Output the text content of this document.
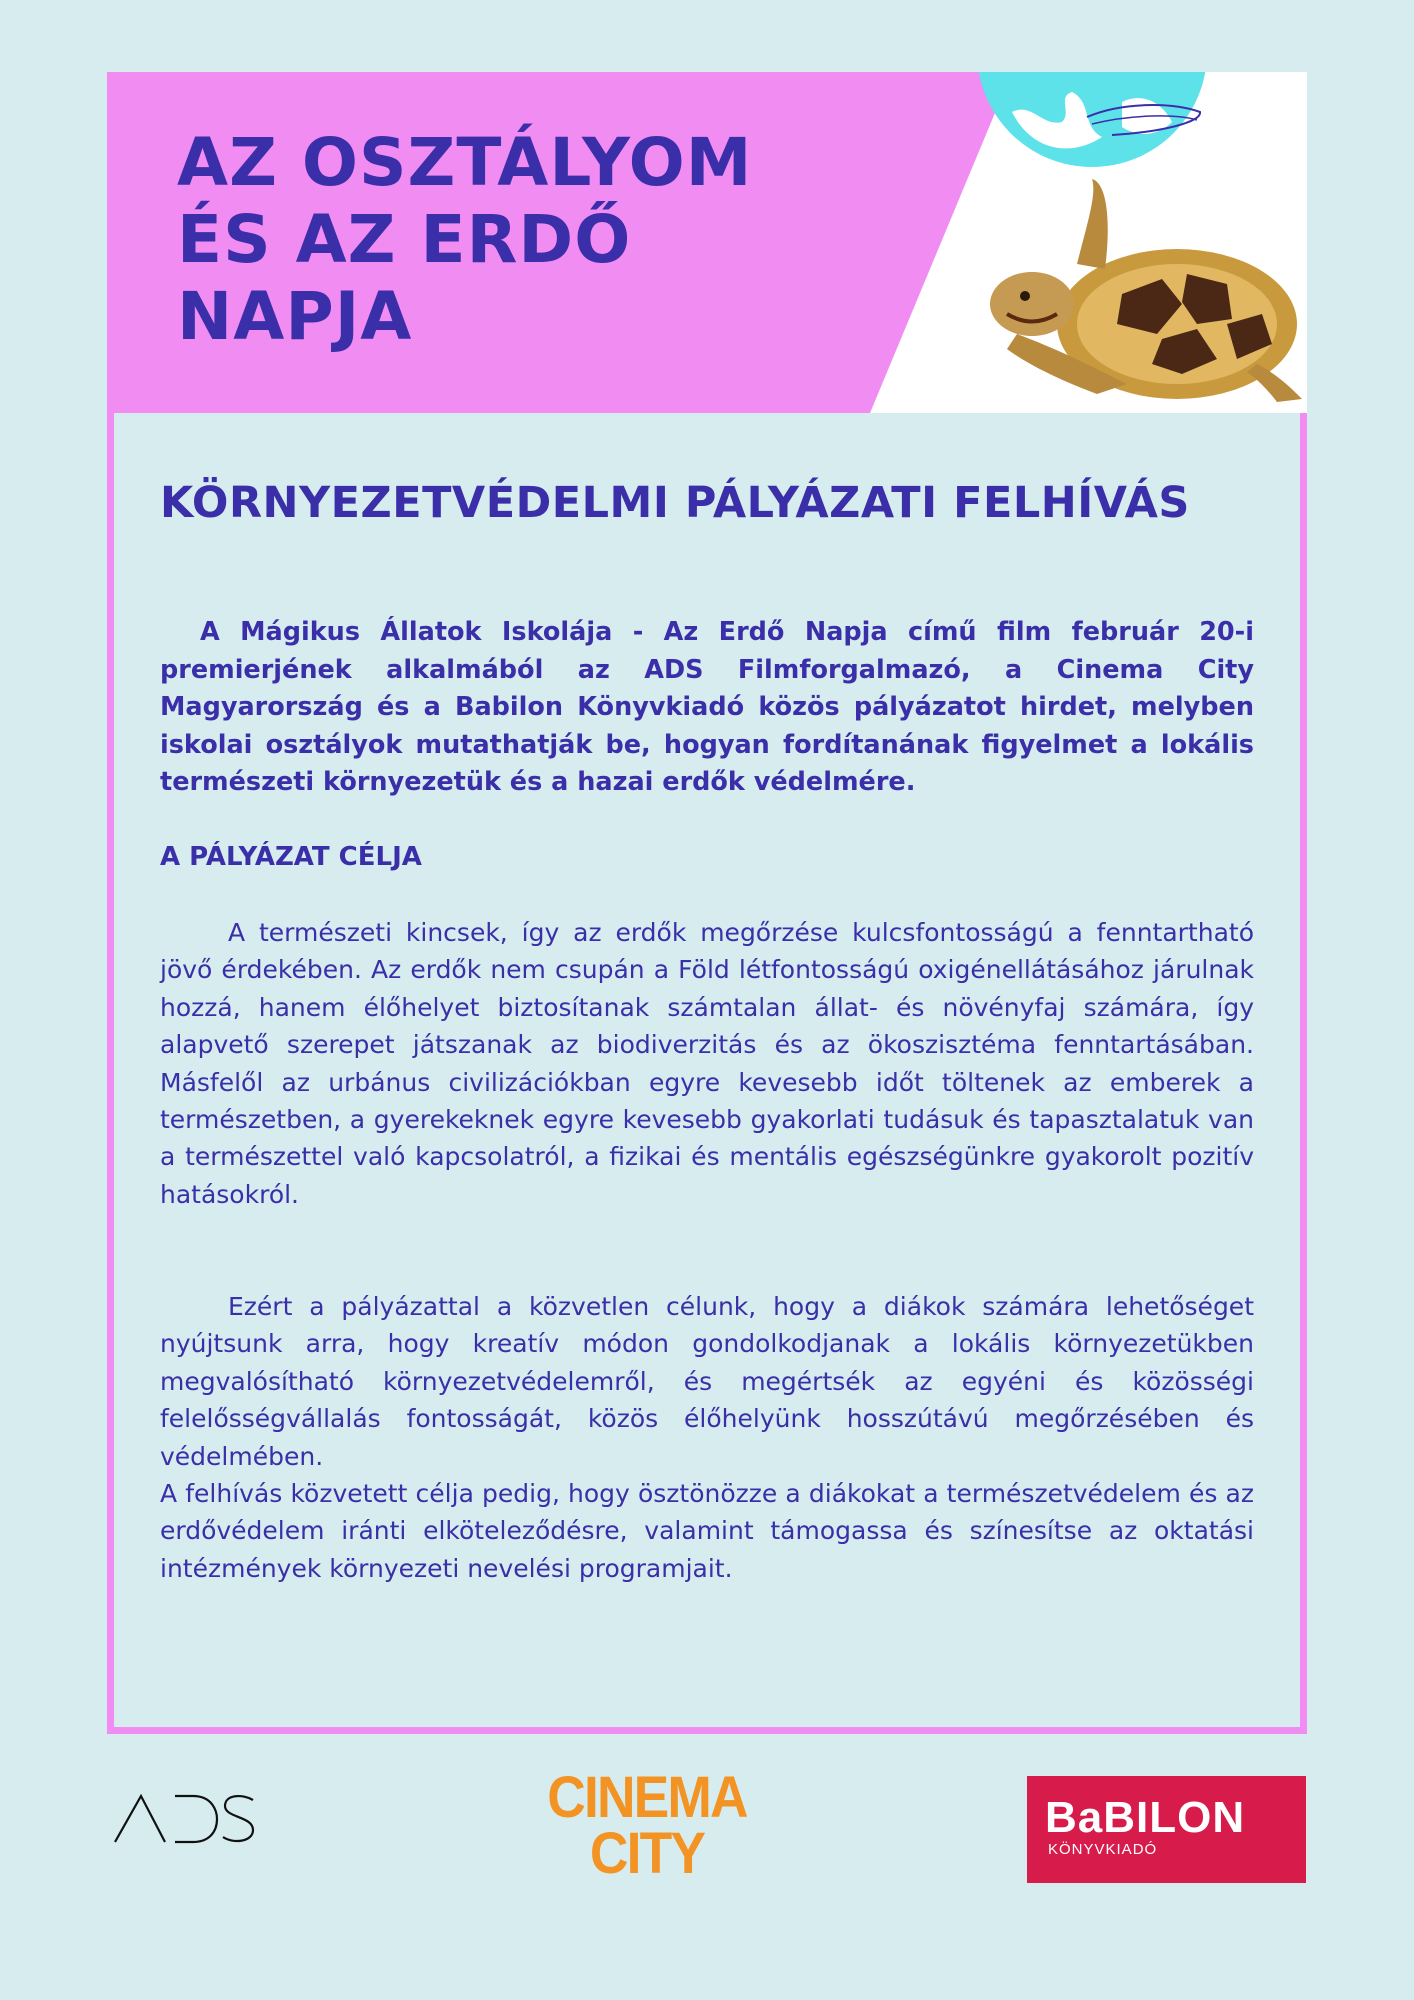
AZ OSZTÁLYOM
ÉS AZ ERDŐ
NAPJA
KÖRNYEZETVÉDELMI PÁLYÁZATI FELHÍVÁS

A Mágikus Állatok Iskolája - Az Erdő Napja című film február 20-i premierjének alkalmából az ADS Filmforgalmazó, a Cinema City Magyarország és a Babilon Könyvkiadó közös pályázatot hirdet, melyben iskolai osztályok mutathatják be, hogyan fordítanának figyelmet a lokális természeti környezetük és a hazai erdők védelmére.

A PÁLYÁZAT CÉLJA

A természeti kincsek, így az erdők megőrzése kulcsfontosságú a fenntartható jövő érdekében. Az erdők nem csupán a Föld létfontosságú oxigénellátásához járulnak hozzá, hanem élőhelyet biztosítanak számtalan állat- és növényfaj számára, így alapvető szerepet játszanak az biodiverzitás és az ökoszisztéma fenntartásában. Másfelől az urbánus civilizációkban egyre kevesebb időt töltenek az emberek a természetben, a gyerekeknek egyre kevesebb gyakorlati tudásuk és tapasztalatuk van a természettel való kapcsolatról, a fizikai és mentális egészségünkre gyakorolt pozitív hatásokról.

Ezért a pályázattal a közvetlen célunk, hogy a diákok számára lehetőséget nyújtsunk arra, hogy kreatív módon gondolkodjanak a lokális környezetükben megvalósítható környezetvédelemről, és megértsék az egyéni és közösségi felelősségvállalás fontosságát, közös élőhelyünk hosszútávú megőrzésében és védelmében.

A felhívás közvetett célja pedig, hogy ösztönözze a diákokat a természetvédelem és az erdővédelem iránti elköteleződésre, valamint támogassa és színesítse az oktatási intézmények környezeti nevelési programjait.

CINEMA
CITY
BaBILON
KÖNYVKIADÓ
